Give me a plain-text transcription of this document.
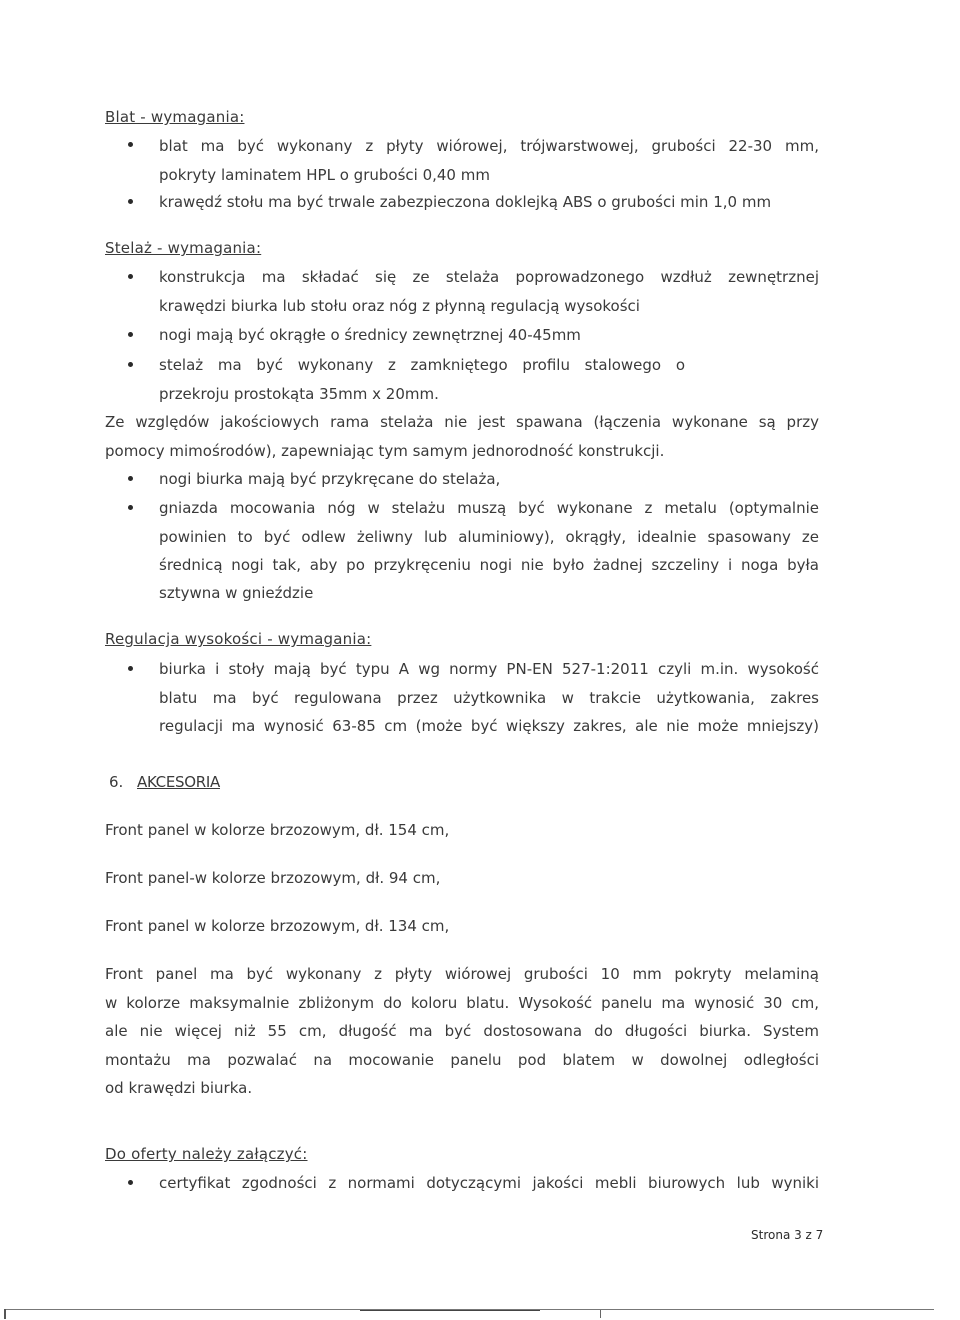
Blat - wymagania:
blat ma być wykonany z płyty wiórowej, trójwarstwowej, grubości 22-30 mm,
pokryty laminatem HPL o grubości 0,40 mm
krawędź stołu ma być trwale zabezpieczona doklejką ABS o grubości min 1,0 mm
Stelaż - wymagania:
konstrukcja ma składać się ze stelaża poprowadzonego wzdłuż zewnętrznej
krawędzi biurka lub stołu oraz nóg z płynną regulacją wysokości
nogi mają być okrągłe o średnicy zewnętrznej 40-45mm
stelaż ma być wykonany z zamkniętego profilu stalowego o
przekroju prostokąta 35mm x 20mm.
Ze względów jakościowych rama stelaża nie jest spawana (łączenia wykonane są przy
pomocy mimośrodów), zapewniając tym samym jednorodność konstrukcji.
nogi biurka mają być przykręcane do stelaża,
gniazda mocowania nóg w stelażu muszą być wykonane z metalu (optymalnie
powinien to być odlew żeliwny lub aluminiowy), okrągły, idealnie spasowany ze
średnicą nogi tak, aby po przykręceniu nogi nie było żadnej szczeliny i noga była
sztywna w gnieździe
Regulacja wysokości - wymagania:
biurka i stoły mają być typu A wg normy PN-EN 527-1:2011 czyli m.in. wysokość
blatu ma być regulowana przez użytkownika w trakcie użytkowania, zakres
regulacji ma wynosić 63-85 cm (może być większy zakres, ale nie może mniejszy)
6. AKCESORIA
Front panel w kolorze brzozowym, dł. 154 cm,
Front panel-w kolorze brzozowym, dł. 94 cm,
Front panel w kolorze brzozowym, dł. 134 cm,
Front panel ma być wykonany z płyty wiórowej grubości 10 mm pokryty melaminą
w kolorze maksymalnie zbliżonym do koloru blatu. Wysokość panelu ma wynosić 30 cm,
ale nie więcej niż 55 cm, długość ma być dostosowana do długości biurka. System
montażu ma pozwalać na mocowanie panelu pod blatem w dowolnej odległości
od krawędzi biurka.
Do oferty należy załączyć:
certyfikat zgodności z normami dotyczącymi jakości mebli biurowych lub wyniki
Strona 3 z 7
